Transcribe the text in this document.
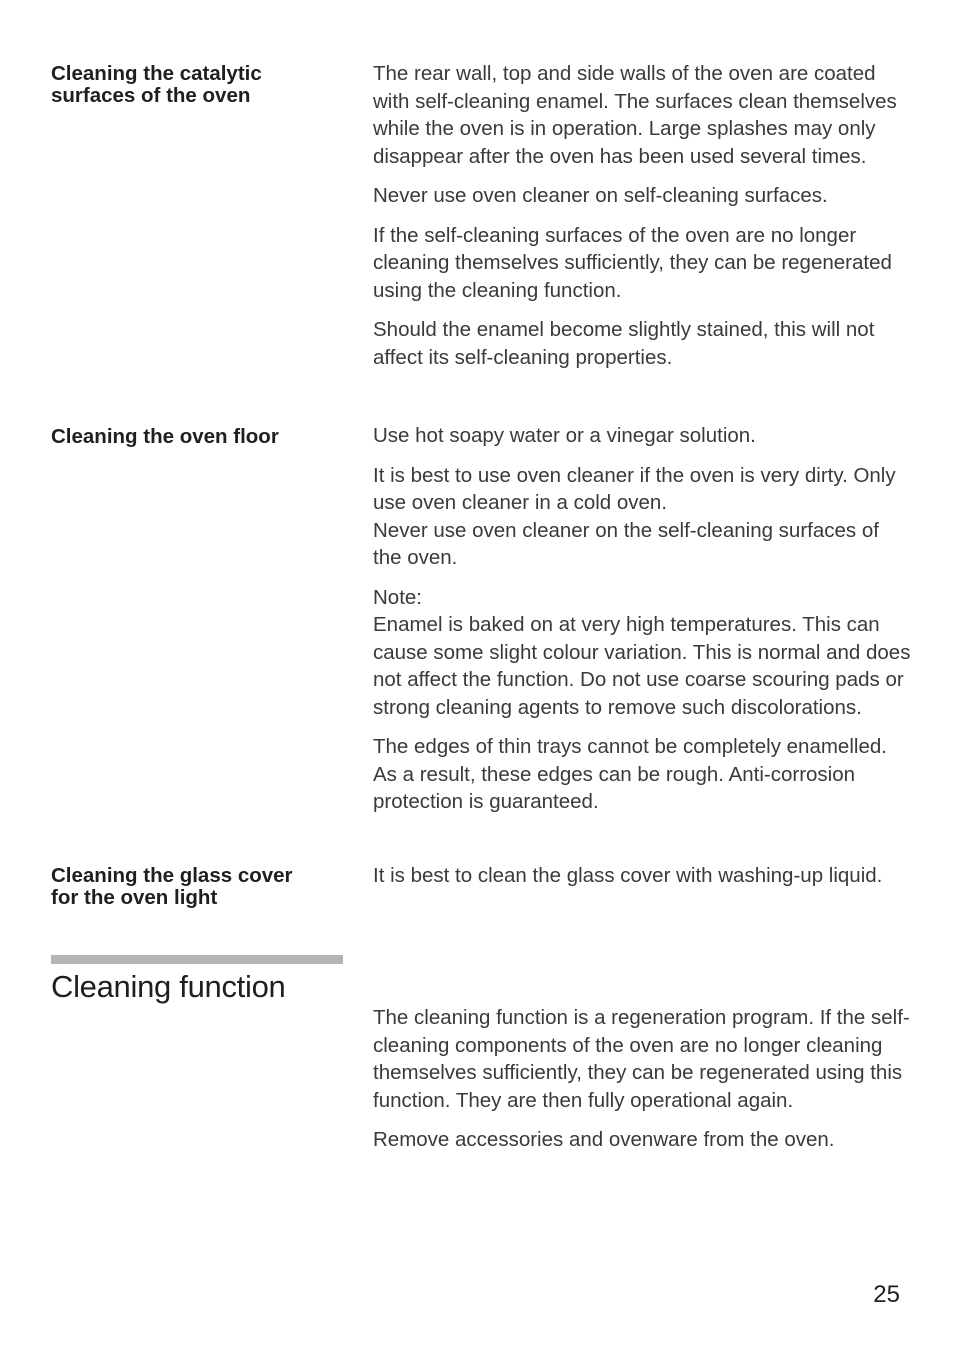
Cleaning the catalytic
surfaces of the oven

The rear wall, top and side walls of the oven are coated with self-cleaning enamel. The surfaces clean themselves while the oven is in operation. Large splashes may only disappear after the oven has been used several times.

Never use oven cleaner on self-cleaning surfaces.

If the self-cleaning surfaces of the oven are no longer cleaning themselves sufficiently, they can be regenerated using the cleaning function.

Should the enamel become slightly stained, this will not affect its self-cleaning properties.

Cleaning the oven floor	Use hot soapy water or a vinegar solution.

It is best to use oven cleaner if the oven is very dirty. Only use oven cleaner in a cold oven.
Never use oven cleaner on the self-cleaning surfaces of the oven.

Note:
Enamel is baked on at very high temperatures. This can cause some slight colour variation. This is normal and does not affect the function. Do not use coarse scouring pads or strong cleaning agents to remove such discolorations.

The edges of thin trays cannot be completely enamelled. As a result, these edges can be rough. Anti-corrosion protection is guaranteed.

Cleaning the glass cover
for the oven light

It is best to clean the glass cover with washing-up liquid.

Cleaning function

The cleaning function is a regeneration program. If the self-cleaning components of the oven are no longer cleaning themselves sufficiently, they can be regenerated using this function. They are then fully operational again.

Remove accessories and ovenware from the oven.

25
